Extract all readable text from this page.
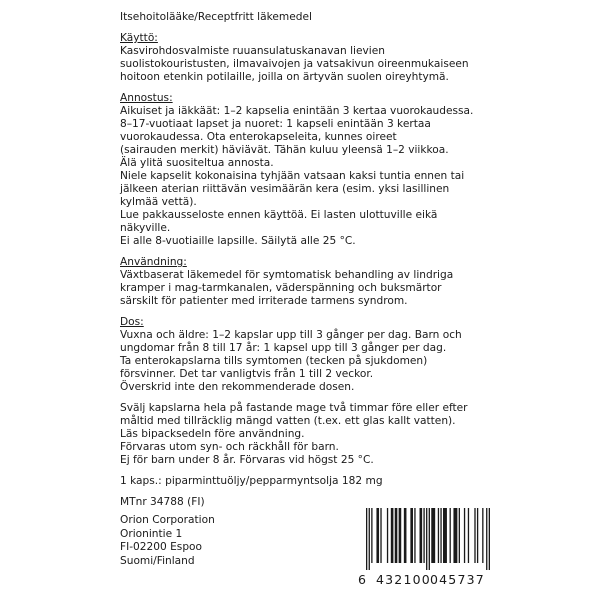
Itsehoitolääke/Receptfritt läkemedel
Käyttö:
Kasvirohdosvalmiste ruuansulatuskanavan lievien
suolistokouristusten, ilmavaivojen ja vatsakivun oireenmukaiseen
hoitoon etenkin potilaille, joilla on ärtyvän suolen oireyhtymä.
Annostus:
Aikuiset ja iäkkäät: 1–2 kapselia enintään 3 kertaa vuorokaudessa.
8–17-vuotiaat lapset ja nuoret: 1 kapseli enintään 3 kertaa
vuorokaudessa. Ota enterokapseleita, kunnes oireet
(sairauden merkit) häviävät. Tähän kuluu yleensä 1–2 viikkoa.
Älä ylitä suositeltua annosta.
Niele kapselit kokonaisina tyhjään vatsaan kaksi tuntia ennen tai
jälkeen aterian riittävän vesimäärän kera (esim. yksi lasillinen
kylmää vettä).
Lue pakkausseloste ennen käyttöä. Ei lasten ulottuville eikä
näkyville.
Ei alle 8-vuotiaille lapsille. Säilytä alle 25 °C.
Användning:
Växtbaserat läkemedel för symtomatisk behandling av lindriga
kramper i mag-tarmkanalen, väderspänning och buksmärtor
särskilt för patienter med irriterade tarmens syndrom.
Dos:
Vuxna och äldre: 1–2 kapslar upp till 3 gånger per dag. Barn och
ungdomar från 8 till 17 år: 1 kapsel upp till 3 gånger per dag.
Ta enterokapslarna tills symtomen (tecken på sjukdomen)
försvinner. Det tar vanligtvis från 1 till 2 veckor.
Överskrid inte den rekommenderade dosen.
Svälj kapslarna hela på fastande mage två timmar före eller efter
måltid med tillräcklig mängd vatten (t.ex. ett glas kallt vatten).
Läs bipacksedeln före användning.
Förvaras utom syn- och räckhåll för barn.
Ej för barn under 8 år. Förvaras vid högst 25 °C.
1 kaps.: piparminttuöljy/pepparmyntsolja 182 mg
MTnr 34788 (FI)
Orion Corporation
Orionintie 1
FI-02200 Espoo
Suomi/Finland
6 432100 045737
